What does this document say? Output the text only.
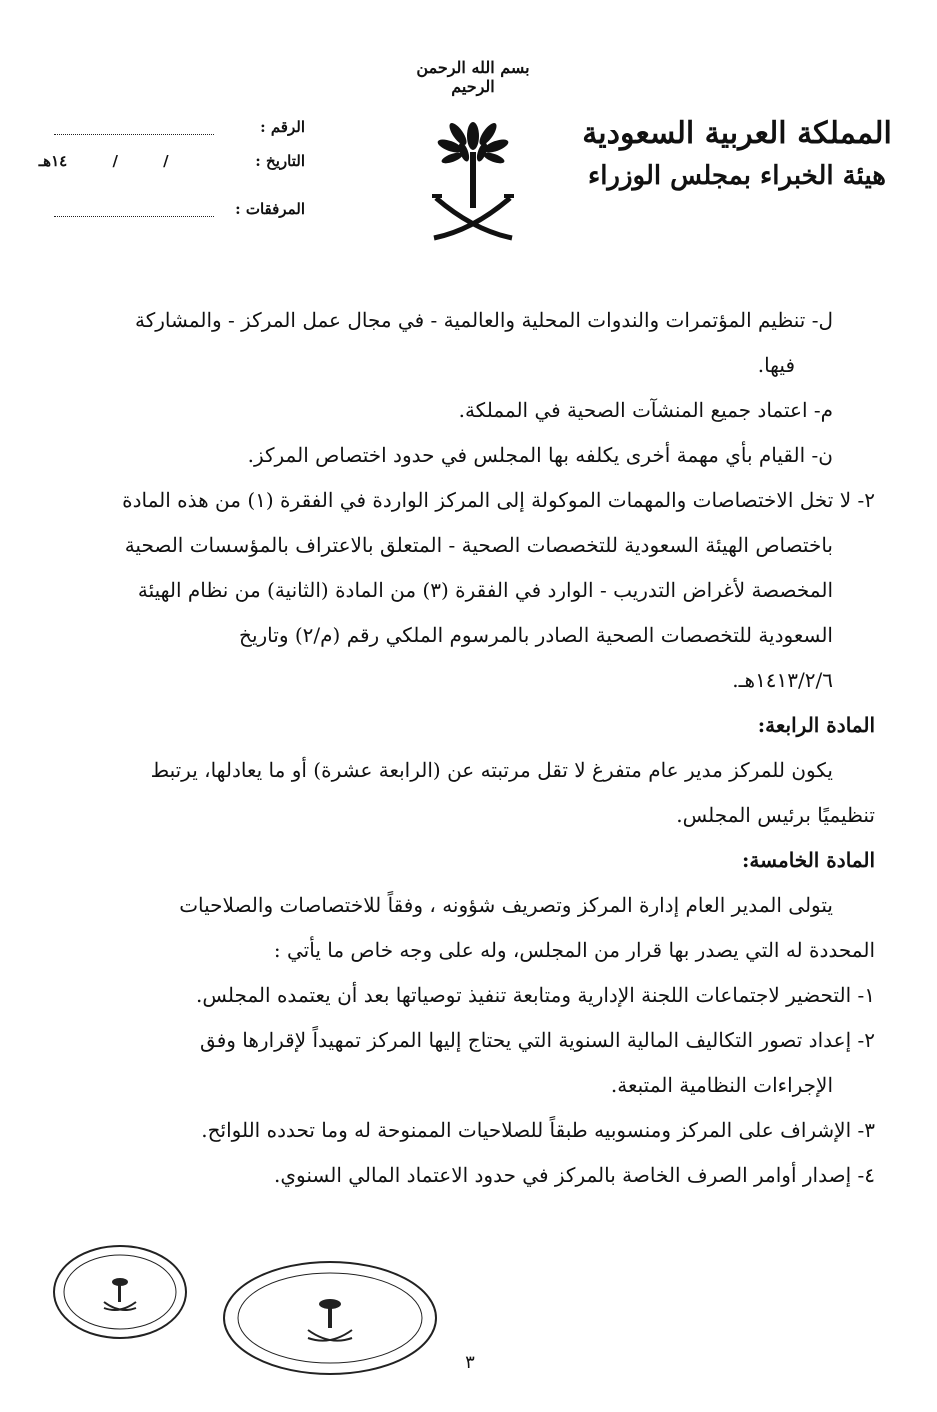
المملكة العربية السعودية
هيئة الخبراء بمجلس الوزراء
بسم الله الرحمن الرحيم
الرقم :
التاريخ : ١٤هـ	/	/
المرفقات :

ل- تنظيم المؤتمرات والندوات المحلية والعالمية - في مجال عمل المركز - والمشاركة

فيها.

م- اعتماد جميع المنشآت الصحية في المملكة.

ن- القيام بأي مهمة أخرى يكلفه بها المجلس في حدود اختصاص المركز.

٢- لا تخل الاختصاصات والمهمات الموكولة إلى المركز الواردة في الفقرة (١) من هذه المادة

باختصاص الهيئة السعودية للتخصصات الصحية - المتعلق بالاعتراف بالمؤسسات الصحية

المخصصة لأغراض التدريب - الوارد في الفقرة (٣) من المادة (الثانية) من نظام الهيئة

السعودية للتخصصات الصحية الصادر بالمرسوم الملكي رقم (م/٢) وتاريخ

١٤١٣/٢/٦هـ.

المادة الرابعة:

يكون للمركز مدير عام متفرغ لا تقل مرتبته عن (الرابعة عشرة) أو ما يعادلها، يرتبط

تنظيميًا برئيس المجلس.

المادة الخامسة:

يتولى المدير العام إدارة المركز وتصريف شؤونه ، وفقاً للاختصاصات والصلاحيات

المحددة له التي يصدر بها قرار من المجلس، وله على وجه خاص ما يأتي :

١- التحضير لاجتماعات اللجنة الإدارية ومتابعة تنفيذ توصياتها بعد أن يعتمده المجلس.

٢- إعداد تصور التكاليف المالية السنوية التي يحتاج إليها المركز تمهيداً لإقرارها وفق

الإجراءات النظامية المتبعة.

٣- الإشراف على المركز ومنسوبيه طبقاً للصلاحيات الممنوحة له وما تحدده اللوائح.

٤- إصدار أوامر الصرف الخاصة بالمركز في حدود الاعتماد المالي السنوي.

٣
